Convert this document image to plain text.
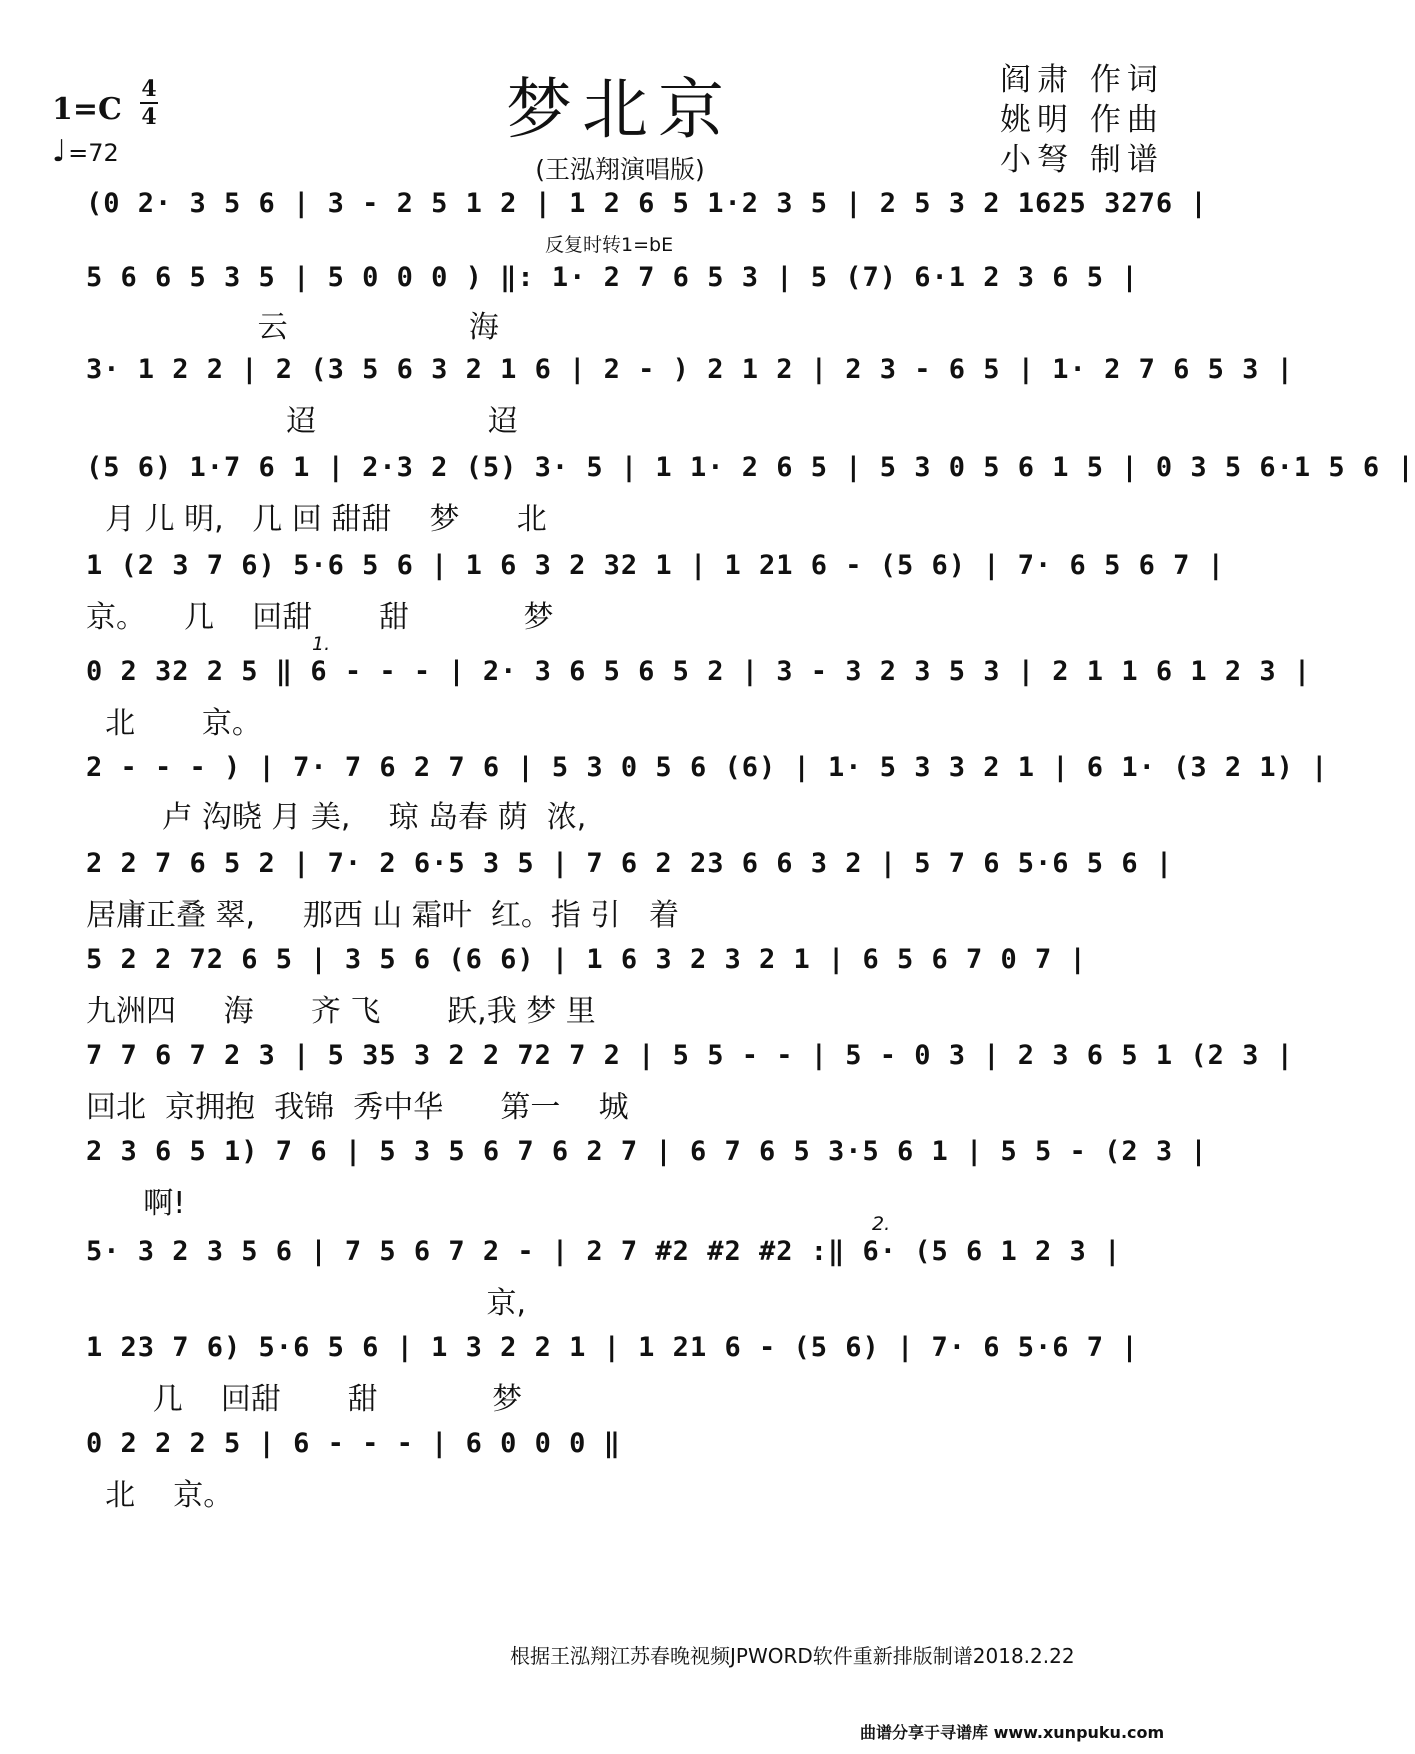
梦北京
(王泓翔演唱版)
1=C
4
4
♩=72
阎肃 作词
姚明 作曲
小弩 制谱
反复时转1=bE
1.
2.
(0 2· 3 5 6 | 3 - 2 5 1 2 | 1 2 6 5 1·2 3 5 | 2 5 3 2 1625 3276 |
5 6 6 5 3 5 | 5 0 0 0 ) ‖: 1· 2 7 6 5 3 | 5 (7) 6·1 2 3 6 5 |
云                   海
3· 1 2 2 | 2 (3 5 6 3 2 1 6 | 2 - ) 2 1 2 | 2 3 - 6 5 | 1· 2 7 6 5 3 |
迢                  迢
(5 6) 1·7 6 1 | 2·3 2 (5) 3· 5 | 1 1· 2 6 5 | 5 3 0 5 6 1 5 | 0 3 5 6·1 5 6 |
月 儿 明,   几 回 甜甜    梦      北
1 (2 3 7 6) 5·6 5 6 | 1 6 3 2 32 1 | 1 21 6 - (5 6) | 7· 6 5 6 7 |
京。    几    回甜       甜            梦
0 2 32 2 5 ‖ 6 - - - | 2· 3 6 5 6 5 2 | 3 - 3 2 3 5 3 | 2 1 1 6 1 2 3 |
北       京。
2 - - - ) | 7· 7 6 2 7 6 | 5 3 0 5 6 (6) | 1· 5 3 3 2 1 | 6 1· (3 2 1) |
卢 沟晓 月 美,    琼 岛春 荫  浓,
2 2 7 6 5 2 | 7· 2 6·5 3 5 | 7 6 2 23 6 6 3 2 | 5 7 6 5·6 5 6 |
居庸正叠 翠,     那西 山 霜叶  红。指 引   着
5 2 2 72 6 5 | 3 5 6 (6 6) | 1 6 3 2 3 2 1 | 6 5 6 7 0 7 |
九洲四     海      齐 飞       跃,我 梦 里
7 7 6 7 2 3 | 5 35 3 2 2 72 7 2 | 5 5 - - | 5 - 0 3 | 2 3 6 5 1 (2 3 |
回北  京拥抱  我锦  秀中华      第一    城
2 3 6 5 1) 7 6 | 5 3 5 6 7 6 2 7 | 6 7 6 5 3·5 6 1 | 5 5 - (2 3 |
啊!
5· 3 2 3 5 6 | 7 5 6 7 2 - | 2 7 #2 #2 #2 :‖ 6· (5 6 1 2 3 |
京,
1 23 7 6) 5·6 5 6 | 1 3 2 2 1 | 1 21 6 - (5 6) | 7· 6 5·6 7 |
几    回甜       甜            梦
0 2 2 2 5 | 6 - - - | 6 0 0 0 ‖
北    京。
根据王泓翔江苏春晚视频JPWORD软件重新排版制谱2018.2.22
曲谱分享于寻谱库 www.xunpuku.com
